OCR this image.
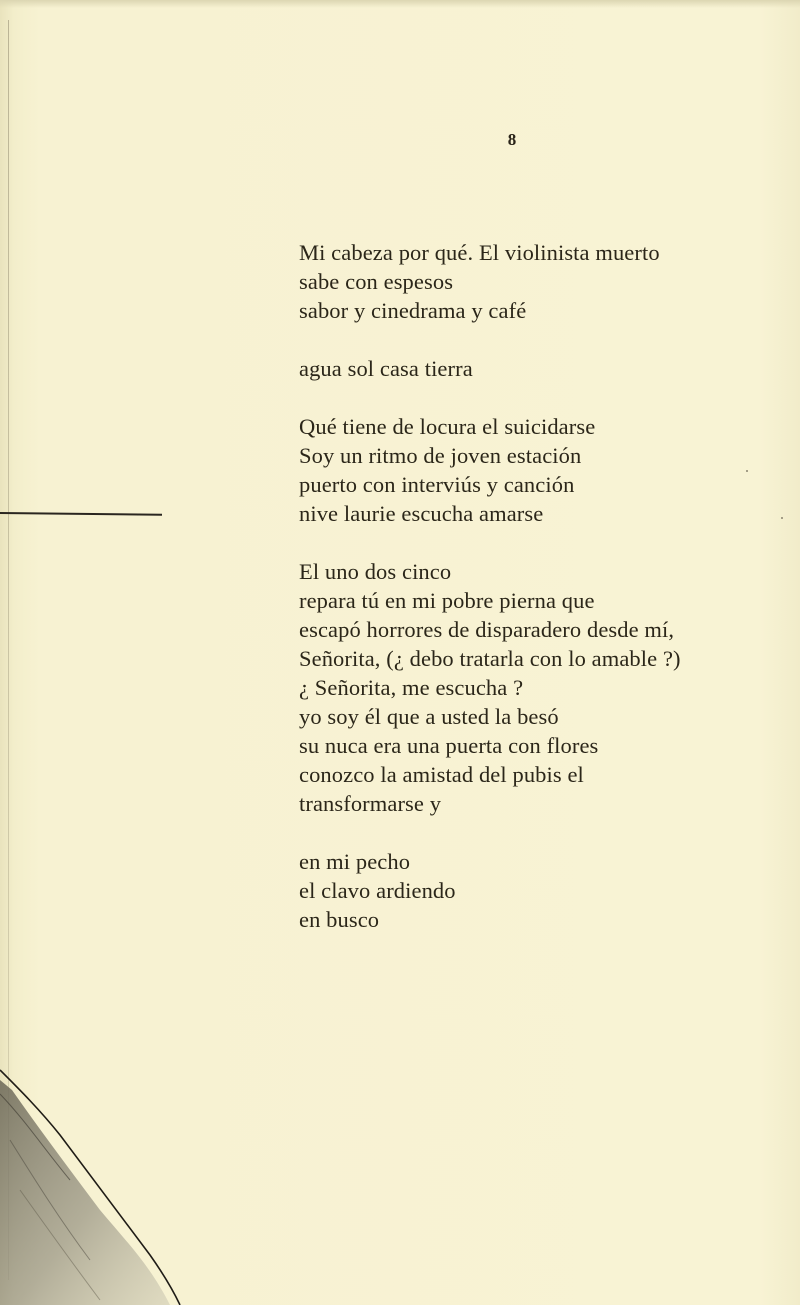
8

Mi cabeza por qué. El violinista muerto
sabe con espesos
sabor y cinedrama y café

agua sol casa tierra

Qué tiene de locura el suicidarse
Soy un ritmo de joven estación
puerto con interviús y canción
nive laurie escucha amarse

El uno dos cinco
repara tú en mi pobre pierna que
escapó horrores de disparadero desde mí,
Señorita, (¿ debo tratarla con lo amable ?)
¿ Señorita, me escucha ?
yo soy él que a usted la besó
su nuca era una puerta con flores
conozco la amistad del pubis el
transformarse y

en mi pecho
el clavo ardiendo
en busco
